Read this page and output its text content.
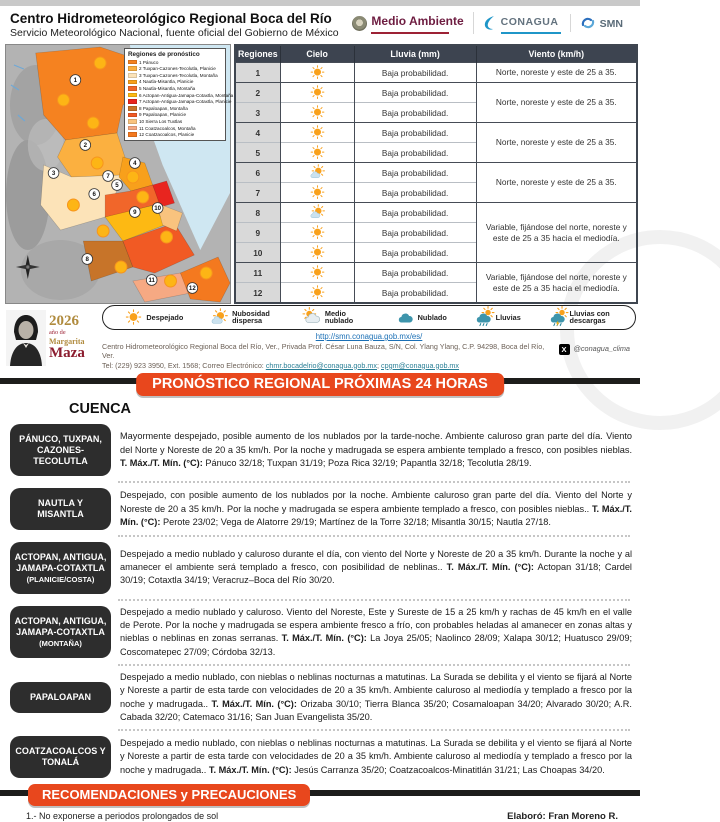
Centro Hidrometeorológico Regional Boca del Río
Servicio Meteorológico Nacional, fuente oficial del Gobierno de México
Medio Ambiente	CONAGUA	SMN
1
2
3
4
5
6
7
8
9
10
11
12
Regiones de pronóstico
1 Pánuco
2 Tuxpan-Cazones-Tecolutla, Planicie
3 Tuxpan-Cazones-Tecolutla, Montaña
4 Nautla-Misantla, Planicie
5 Nautla-Misantla, Montaña
6 Actopan-Antigua-Jamapa-Cotaxtla, Montaña
7 Actopan-Antigua-Jamapa-Cotaxtla, Planicie
8 Papaloapan, Montaña
9 Papaloapan, Planicie
10 Sierra Los Tuxtlas
11 Coatzacoalcos, Montaña
12 Coatzacoalcos, Planicie
Regiones	Cielo	Lluvia (mm)	Viento (km/h)
1		Baja probabilidad.	Norte, noreste y este de 25 a 35.
2		Baja probabilidad.	Norte, noreste y este de 25 a 35.
3		Baja probabilidad.	
4		Baja probabilidad.	Norte, noreste y este de 25 a 35.
5		Baja probabilidad.	
6		Baja probabilidad.	Norte, noreste y este de 25 a 35.
7		Baja probabilidad.	
8		Baja probabilidad.	Variable, fijándose del norte, noreste y este de 25 a 35 hacia el mediodía.
9		Baja probabilidad.	
10		Baja probabilidad.	
11		Baja probabilidad.	Variable, fijándose del norte, noreste y este de 25 a 35 hacia el mediodía.
12		Baja probabilidad.	
2026
año de
Margarita
Maza
Despejado	Nubosidad dispersa
Medio nublado	Nublado	Lluvias	Lluvias con descargas
http://smn.conagua.gob.mx/es/
Centro Hidrometeorológico Regional Boca del Río, Ver., Privada Prof. César Luna Bauza, S/N, Col. Ylang Ylang, C.P. 94298, Boca del Río, Ver.
Tel: (229) 923 3950, Ext. 1568; Correo Electrónico: chmr.bocadelrio@conagua.gob.mx; cpgm@conagua.gob.mx
X @conagua_clima
PRONÓSTICO REGIONAL PRÓXIMAS 24 HORAS
CUENCA
PÁNUCO, TUXPAN, CAZONES-TECOLUTLA
Mayormente despejado, posible aumento de los nublados por la tarde-noche. Ambiente caluroso gran parte del día. Viento del Norte y Noreste de 20 a 35 km/h. Por la noche y madrugada se espera ambiente templado a fresco, con posibles nieblas. T. Máx./T. Mín. (°C): Pánuco 32/18; Tuxpan 31/19; Poza Rica 32/19; Papantla 32/18; Tecolutla 28/19.
NAUTLA Y MISANTLA
Despejado, con posible aumento de los nublados por la noche. Ambiente caluroso gran parte del día. Viento del Norte y Noreste de 20 a 35 km/h. Por la noche y madrugada se espera ambiente templado a fresco, con posibles nieblas.. T. Máx./T. Mín. (°C): Perote 23/02; Vega de Alatorre 29/19; Martínez de la Torre 32/18; Misantla 30/15; Nautla 27/18.
ACTOPAN, ANTIGUA, JAMAPA-COTAXTLA
(PLANICIE/COSTA)
Despejado a medio nublado y caluroso durante el día, con viento del Norte y Noreste de 20 a 35 km/h. Durante la noche y al amanecer el ambiente será templado a fresco, con posibilidad de neblinas.. T. Máx./T. Mín. (°C): Actopan 31/18; Cardel 30/19; Cotaxtla 34/19; Veracruz–Boca del Río 30/20.
ACTOPAN, ANTIGUA, JAMAPA-COTAXTLA
(MONTAÑA)
Despejado a medio nublado y caluroso. Viento del Noreste, Este y Sureste de 15 a 25 km/h y rachas de 45 km/h en el valle de Perote. Por la noche y madrugada se espera ambiente fresco a frío, con probables heladas al amanecer en zonas altas y nieblas o neblinas en zonas serranas. T. Máx./T. Mín. (°C): La Joya 25/05; Naolinco 28/09; Xalapa 30/12; Huatusco 29/09; Coscomatepec 27/09; Córdoba 32/13.
PAPALOAPAN
Despejado a medio nublado, con nieblas o neblinas nocturnas a matutinas. La Surada se debilita y el viento se fijará al Norte y Noreste a partir de esta tarde con velocidades de 20 a 35 km/h. Ambiente caluroso al mediodía y templado a fresco por la noche y madrugada.. T. Máx./T. Mín. (°C): Orizaba 30/10; Tierra Blanca 35/20; Cosamaloapan 34/20; Alvarado 30/20; A.R. Cabada 32/20; Catemaco 31/16; San Juan Evangelista 35/20.
COATZACOALCOS Y TONALÁ
Despejado a medio nublado, con nieblas o neblinas nocturnas a matutinas. La Surada se debilita y el viento se fijará al Norte y Noreste a partir de esta tarde con velocidades de 20 a 35 km/h. Ambiente caluroso al mediodía y templado a fresco por la noche y madrugada.. T. Máx./T. Mín. (°C): Jesús Carranza 35/20; Coatzacoalcos-Minatitlán 31/21; Las Choapas 34/20.
RECOMENDACIONES y PRECAUCIONES
1.- No exponerse a periodos prolongados de sol	Elaboró: Fran Moreno R.
